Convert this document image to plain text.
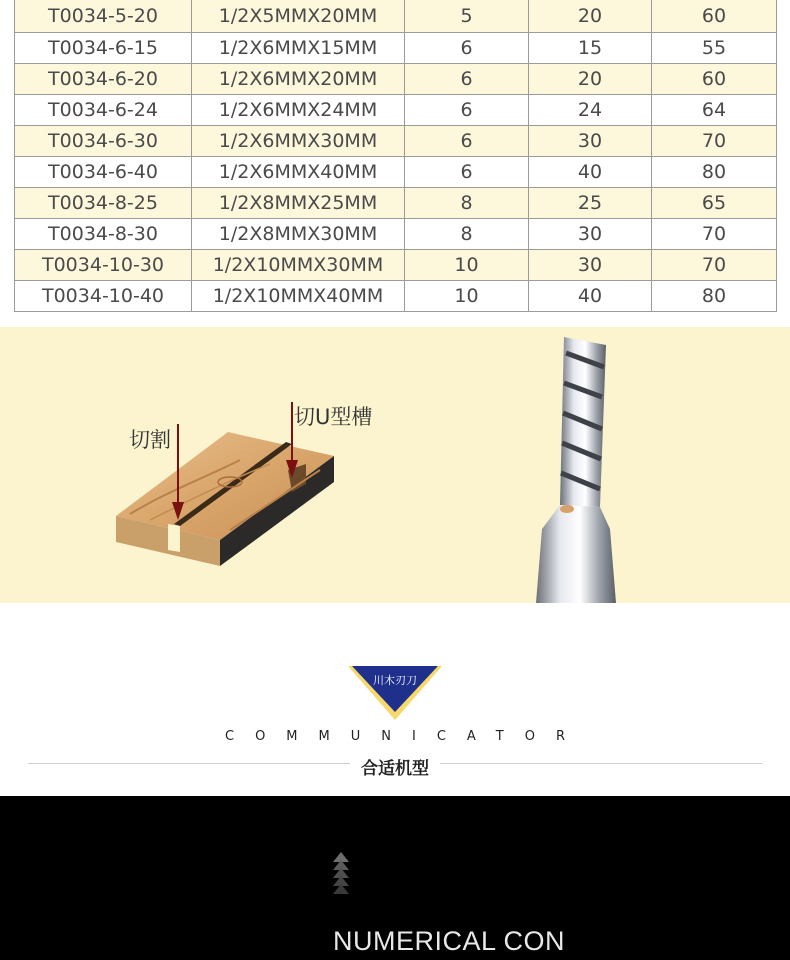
T0034-5-20	1/2X5MMX20MM	5	20	60
T0034-6-15	1/2X6MMX15MM	6	15	55
T0034-6-20	1/2X6MMX20MM	6	20	60
T0034-6-24	1/2X6MMX24MM	6	24	64
T0034-6-30	1/2X6MMX30MM	6	30	70
T0034-6-40	1/2X6MMX40MM	6	40	80
T0034-8-25	1/2X8MMX25MM	8	25	65
T0034-8-30	1/2X8MMX30MM	8	30	70
T0034-10-30	1/2X10MMX30MM	10	30	70
T0034-10-40	1/2X10MMX40MM	10	40	80
切割
切U型槽
川木刃刀
COMMUNICATOR
合适机型
NUMERICAL CON
